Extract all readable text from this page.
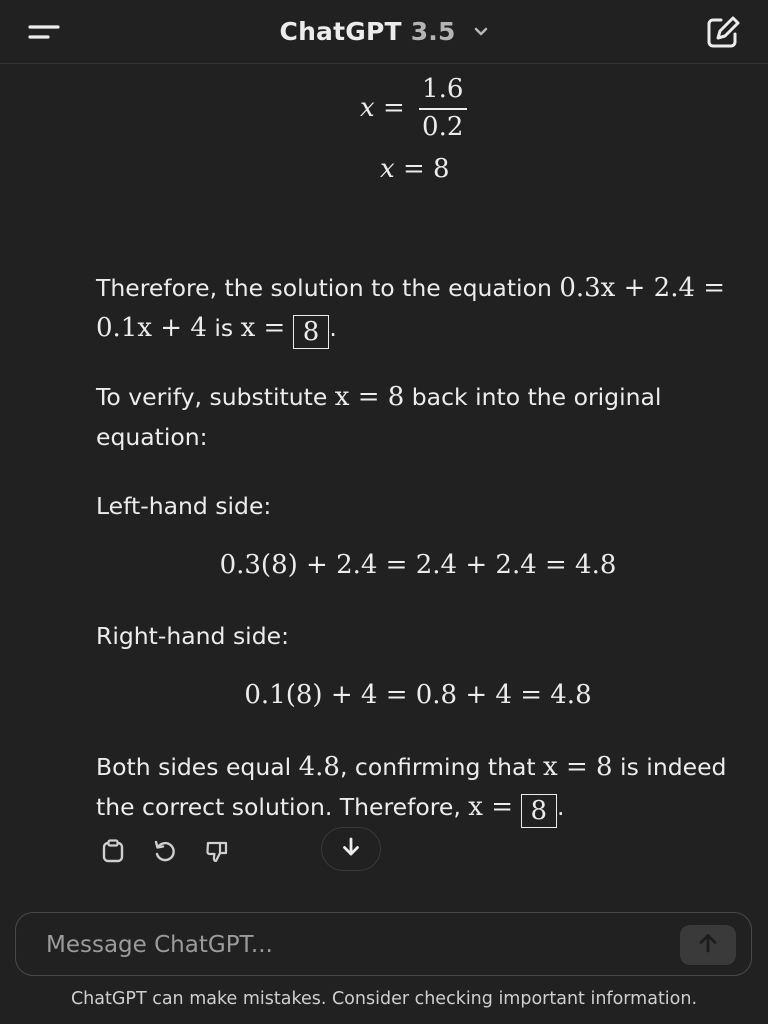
ChatGPT 3.5
$x = \frac{1.6}{0.2}$
x = 8
Therefore, the solution to the equation 0.3x + 2.4 = 0.1x + 4 is x = 8 .
To verify, substitute x = 8 back into the original equation:
Left-hand side:
0.3(8) + 2.4 = 2.4 + 2.4 = 4.8
Right-hand side:
0.1(8) + 4 = 0.8 + 4 = 4.8
Both sides equal 4.8, confirming that x = 8 is indeed the correct solution. Therefore, x = 8 .
Message ChatGPT...
ChatGPT can make mistakes. Consider checking important information.
